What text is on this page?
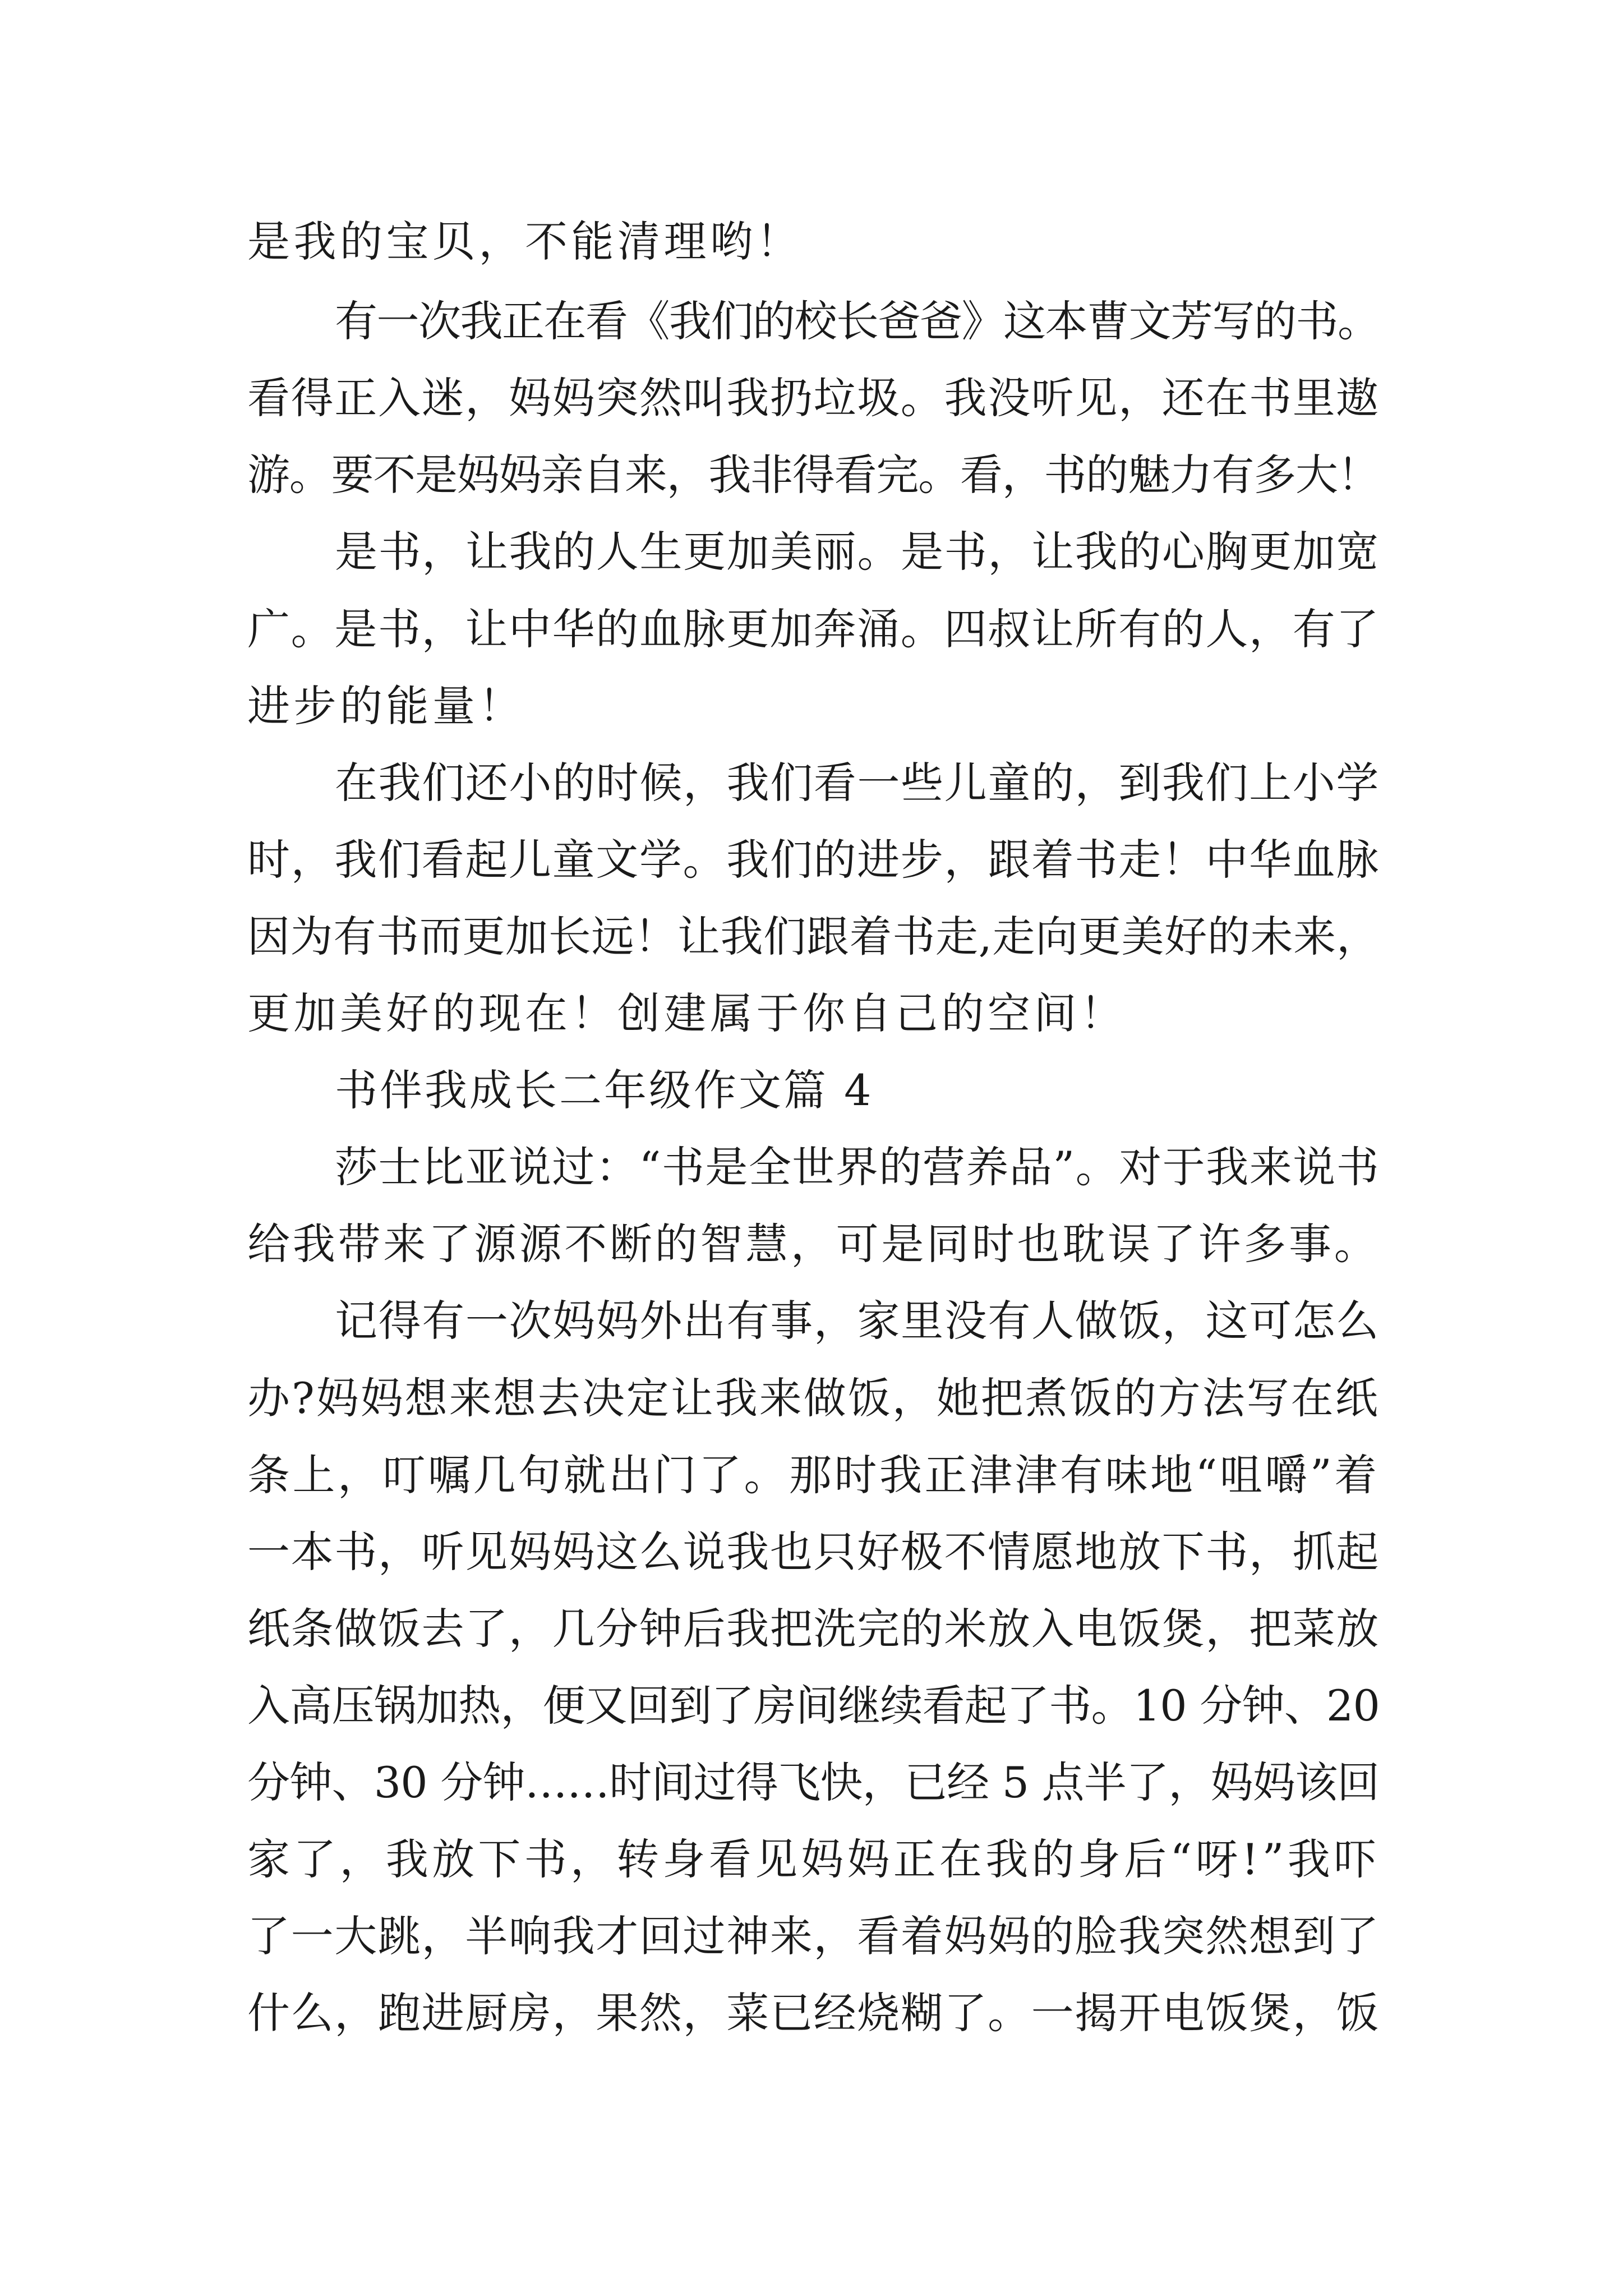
是我的宝贝，不能清理哟！
有一次我正在看《我们的校长爸爸》这本曹文芳写的书。
看得正入迷，妈妈突然叫我扔垃圾。我没听见，还在书里遨
游。要不是妈妈亲自来，我非得看完。看，书的魅力有多大！
是书，让我的人生更加美丽。是书，让我的心胸更加宽
广。是书，让中华的血脉更加奔涌。四叔让所有的人，有了
进步的能量！
在我们还小的时候，我们看一些儿童的，到我们上小学
时，我们看起儿童文学。我们的进步，跟着书走！中华血脉
因为有书而更加长远！让我们跟着书走,走向更美好的未来，
更加美好的现在！创建属于你自己的空间！
书伴我成长二年级作文篇 4
莎士比亚说过：“书是全世界的营养品”。对于我来说书
给我带来了源源不断的智慧，可是同时也耽误了许多事。
记得有一次妈妈外出有事，家里没有人做饭，这可怎么
办?妈妈想来想去决定让我来做饭，她把煮饭的方法写在纸
条上，叮嘱几句就出门了。那时我正津津有味地“咀嚼”着
一本书，听见妈妈这么说我也只好极不情愿地放下书，抓起
纸条做饭去了，几分钟后我把洗完的米放入电饭煲，把菜放
入高压锅加热，便又回到了房间继续看起了书。10 分钟、20
分钟、30 分钟……时间过得飞快，已经 5 点半了，妈妈该回
家了，我放下书，转身看见妈妈正在我的身后“呀!”我吓
了一大跳，半响我才回过神来，看着妈妈的脸我突然想到了
什么，跑进厨房，果然，菜已经烧糊了。一揭开电饭煲，饭
